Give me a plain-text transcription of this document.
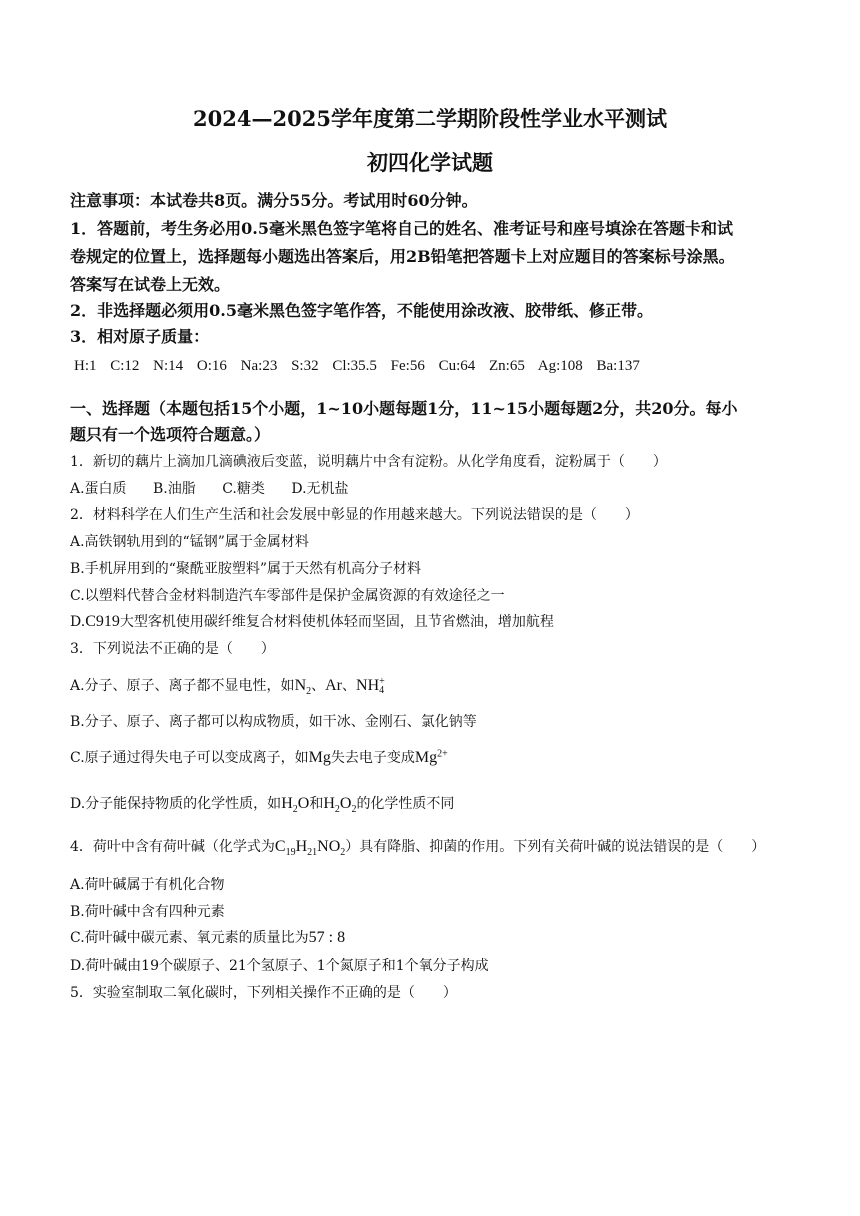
2024—2025学年度第二学期阶段性学业水平测试
初四化学试题
注意事项：本试卷共8页。满分55分。考试用时60分钟。
1．答题前，考生务必用0.5毫米黑色签字笔将自己的姓名、准考证号和座号填涂在答题卡和试
卷规定的位置上，选择题每小题选出答案后，用2B铅笔把答题卡上对应题目的答案标号涂黑。
答案写在试卷上无效。
2．非选择题必须用0.5毫米黑色签字笔作答，不能使用涂改液、胶带纸、修正带。
3．相对原子质量：
H:1 C:12 N:14 O:16 Na:23 S:32 Cl:35.5 Fe:56 Cu:64 Zn:65 Ag:108 Ba:137
一、选择题（本题包括15个小题，1~10小题每题1分，11~15小题每题2分，共20分。每小
题只有一个选项符合题意。）
1．新切的藕片上滴加几滴碘液后变蓝，说明藕片中含有淀粉。从化学角度看，淀粉属于（　　）
A.蛋白质 B.油脂 C.糖类 D.无机盐
2．材料科学在人们生产生活和社会发展中彰显的作用越来越大。下列说法错误的是（　　）
A.高铁钢轨用到的“锰钢”属于金属材料
B.手机屏用到的“聚酰亚胺塑料”属于天然有机高分子材料
C.以塑料代替合金材料制造汽车零部件是保护金属资源的有效途径之一
D.C919大型客机使用碳纤维复合材料使机体轻而坚固，且节省燃油，增加航程
3．下列说法不正确的是（　　）
A.分子、原子、离子都不显电性，如$N_2$、Ar、NH +
4
B.分子、原子、离子都可以构成物质，如干冰、金刚石、氯化钠等
C.原子通过得失电子可以变成离子，如Mg失去电子变成$Mg^{2+}$
D.分子能保持物质的化学性质，如$H_2O$和$H_2O_2$的化学性质不同
4．荷叶中含有荷叶碱（化学式为$C_{19}H_{21}NO_2$）具有降脂、抑菌的作用。下列有关荷叶碱的说法错误的是（　　）
A.荷叶碱属于有机化合物
B.荷叶碱中含有四种元素
C.荷叶碱中碳元素、氧元素的质量比为57 : 8
D.荷叶碱由19个碳原子、21个氢原子、1个氮原子和1个氧分子构成
5．实验室制取二氧化碳时，下列相关操作不正确的是（　　）
